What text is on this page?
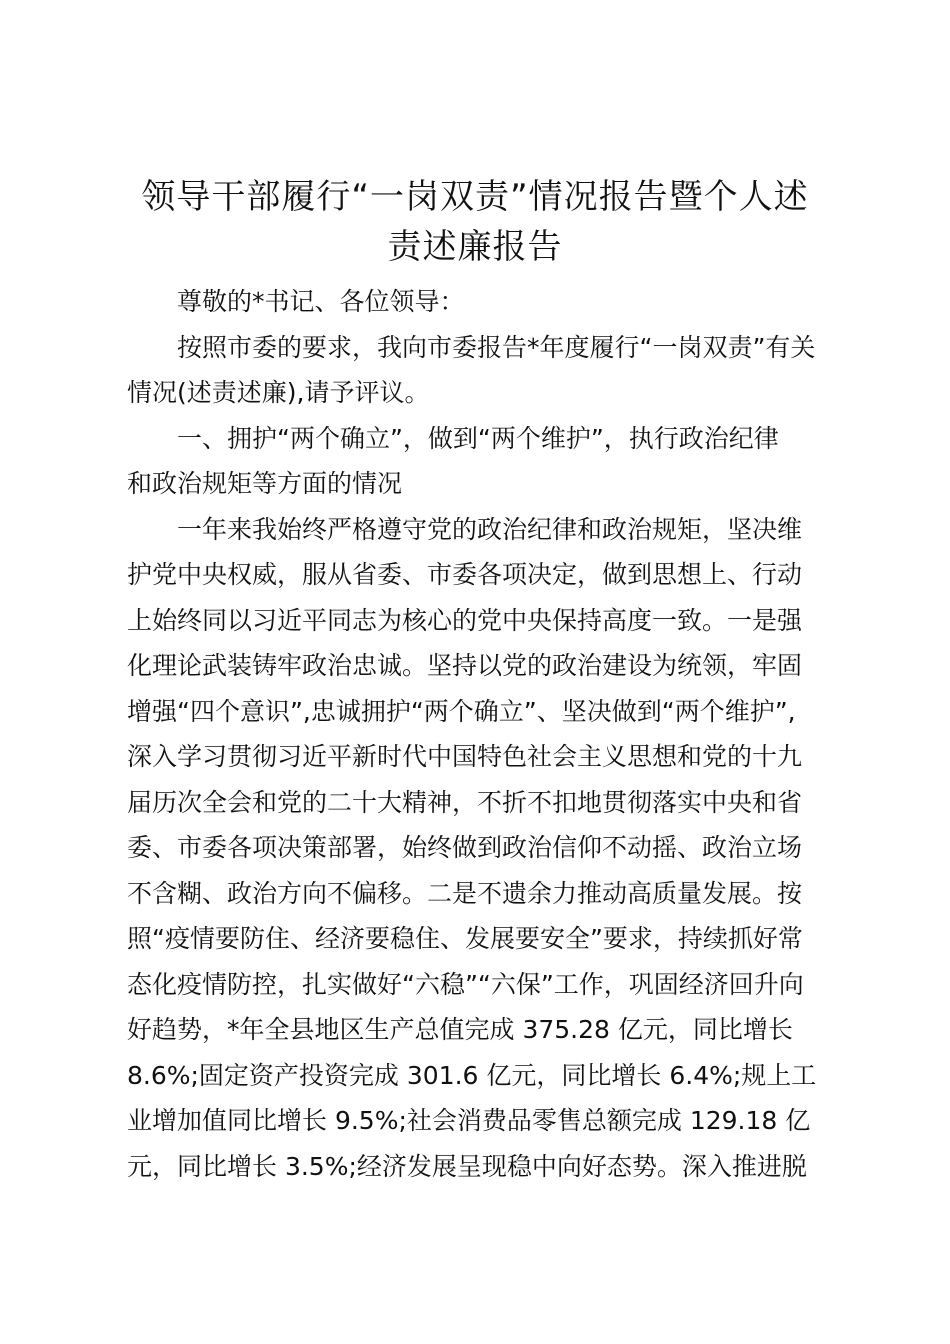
领导干部履行“一岗双责”情况报告暨个人述
责述廉报告
尊敬的*书记、各位领导：
按照市委的要求，我向市委报告*年度履行“一岗双责”有关
情况(述责述廉),请予评议。
一、拥护“两个确立”，做到“两个维护”，执行政治纪律
和政治规矩等方面的情况
一年来我始终严格遵守党的政治纪律和政治规矩，坚决维
护党中央权威，服从省委、市委各项决定，做到思想上、行动
上始终同以习近平同志为核心的党中央保持高度一致。一是强
化理论武装铸牢政治忠诚。坚持以党的政治建设为统领，牢固
增强“四个意识”,忠诚拥护“两个确立”、坚决做到“两个维护”,
深入学习贯彻习近平新时代中国特色社会主义思想和党的十九
届历次全会和党的二十大精神，不折不扣地贯彻落实中央和省
委、市委各项决策部署，始终做到政治信仰不动摇、政治立场
不含糊、政治方向不偏移。二是不遗余力推动高质量发展。按
照“疫情要防住、经济要稳住、发展要安全”要求，持续抓好常
态化疫情防控，扎实做好“六稳”“六保”工作，巩固经济回升向
好趋势，*年全县地区生产总值完成 375.28 亿元，同比增长
8.6%;固定资产投资完成 301.6 亿元，同比增长 6.4%;规上工
业增加值同比增长 9.5%;社会消费品零售总额完成 129.18 亿
元，同比增长 3.5%;经济发展呈现稳中向好态势。深入推进脱
